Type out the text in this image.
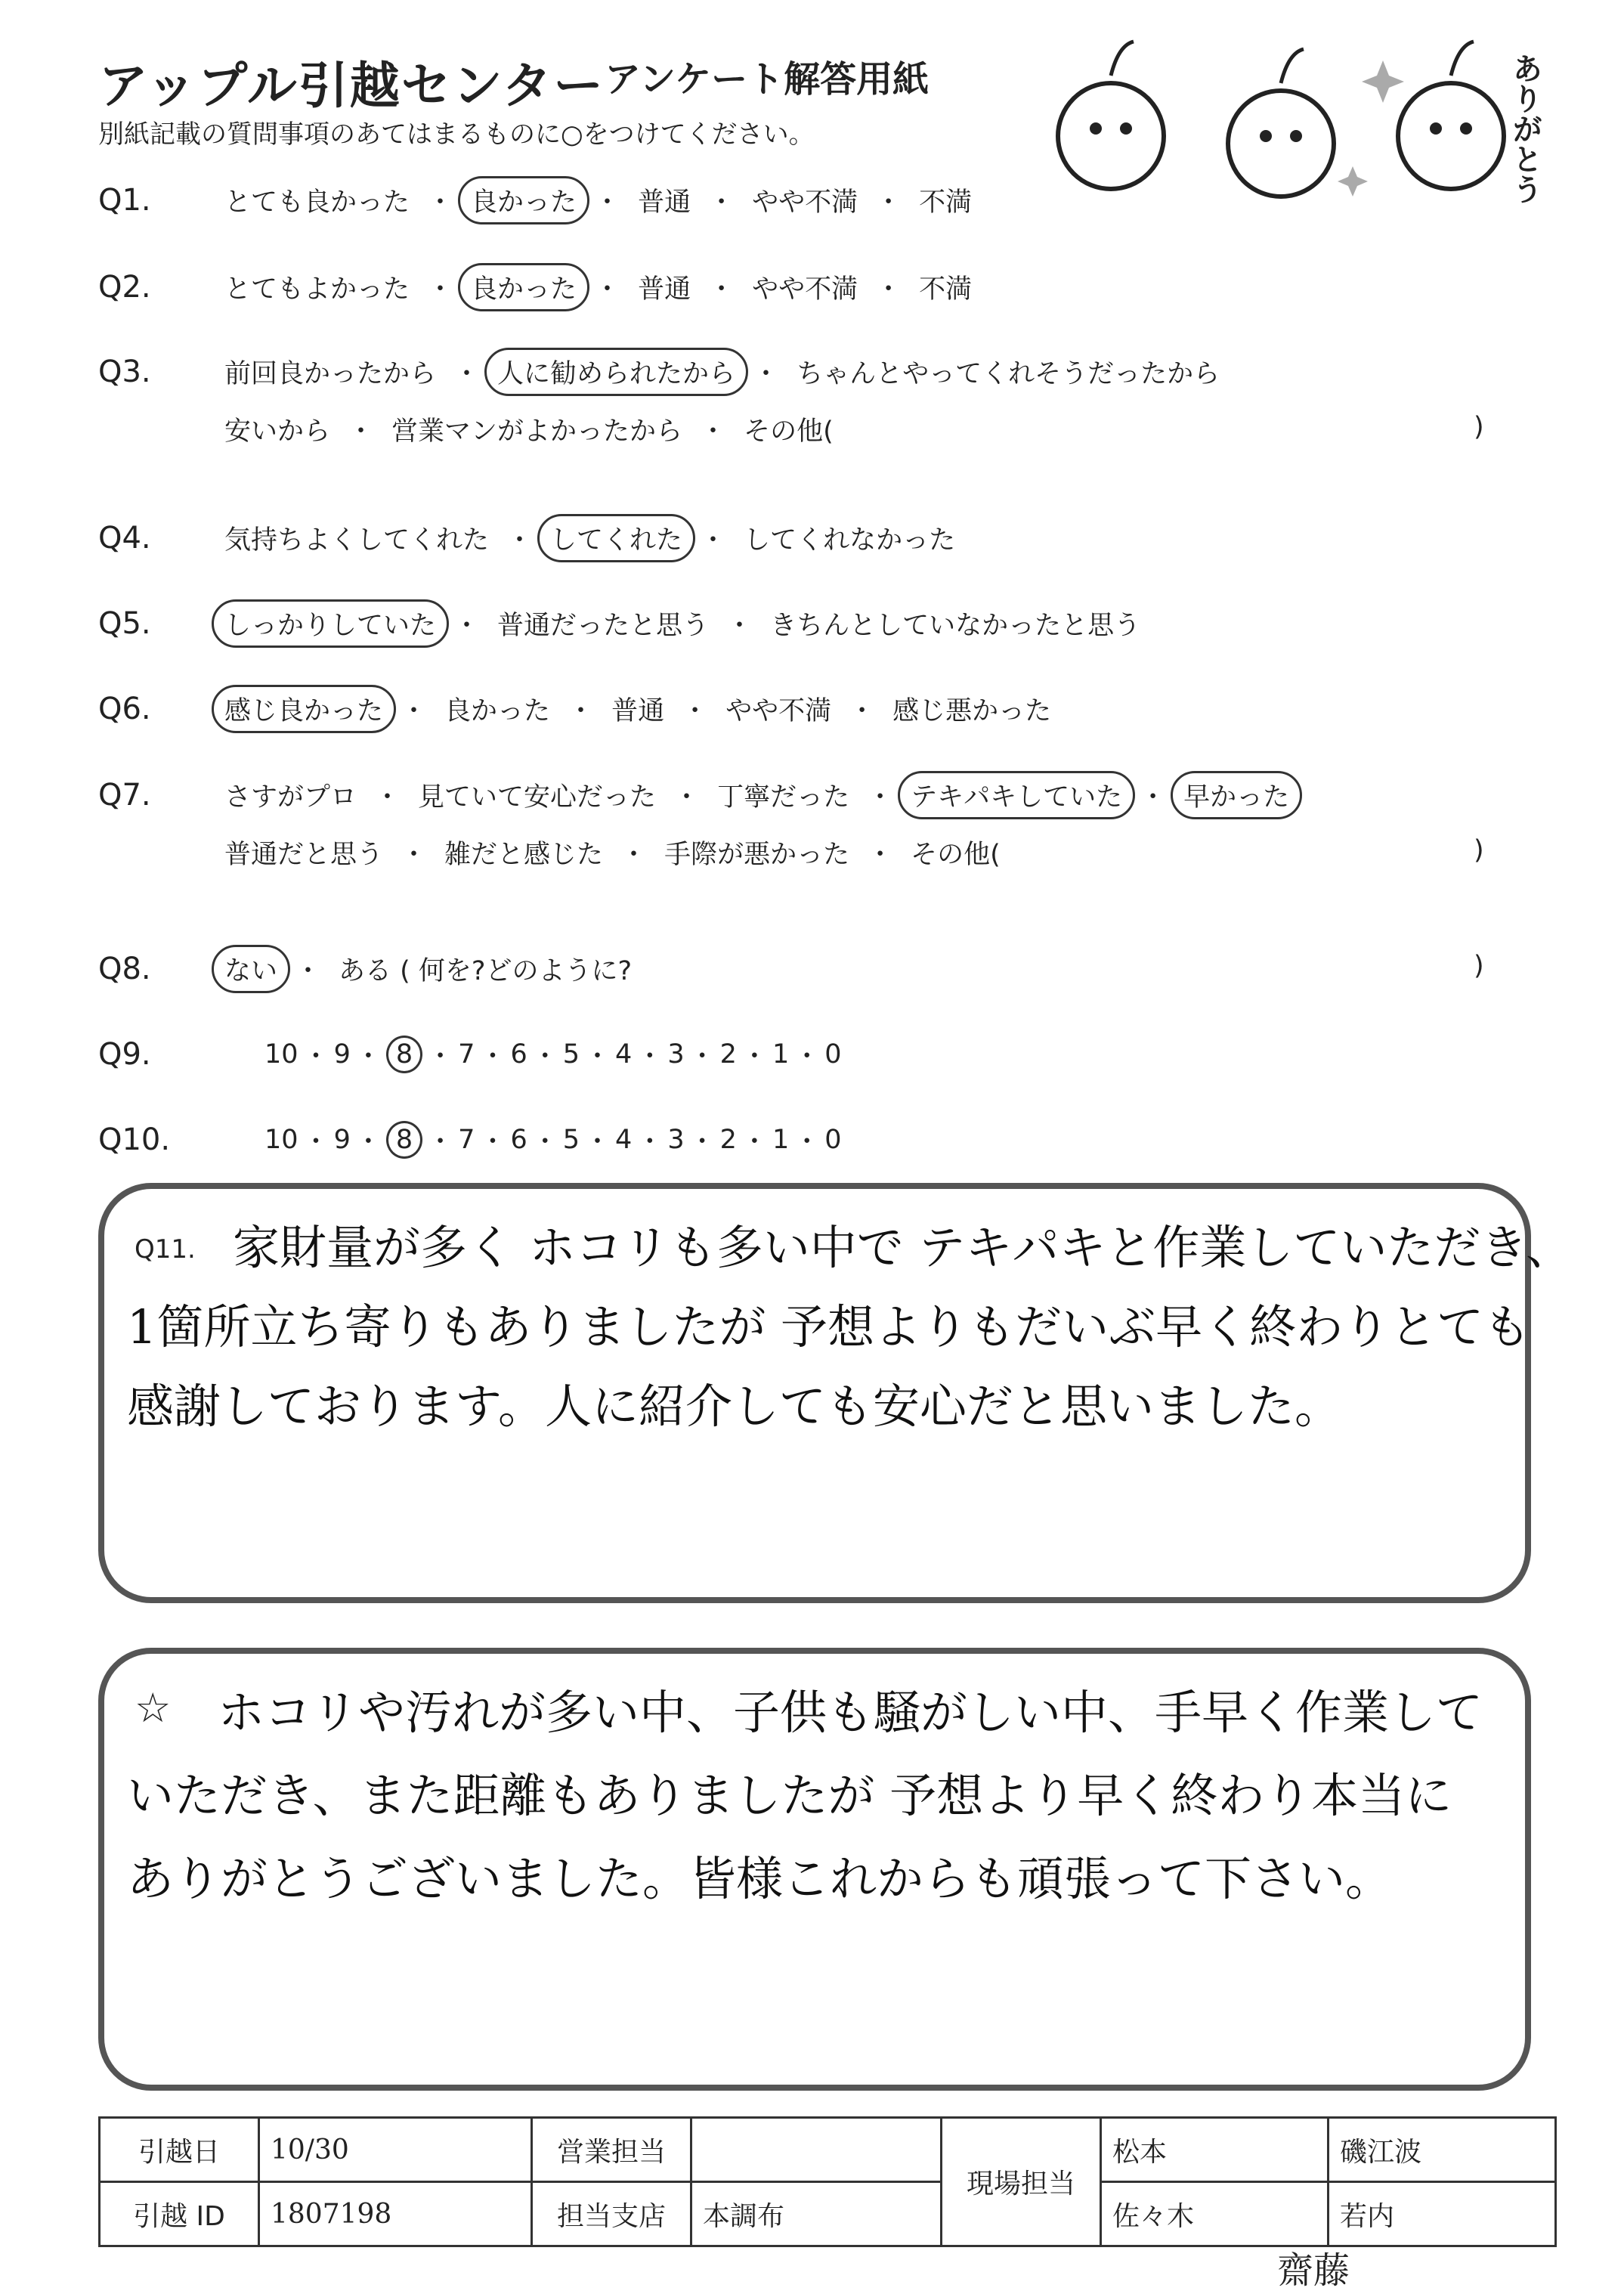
アップル引越センター アンケート解答用紙
別紙記載の質問事項のあてはまるものに○をつけてください。	ありがとう
Q1.	とても良かった ・ 良かった ・ 普通 ・ やや不満 ・ 不満
Q2.	とてもよかった ・ 良かった ・ 普通 ・ やや不満 ・ 不満
Q3.	前回良かったから ・ 人に勧められたから ・ ちゃんとやってくれそうだったから
安いから ・ 営業マンがよかったから ・ その他(	)
Q4.	気持ちよくしてくれた ・ してくれた ・ してくれなかった
Q5.	しっかりしていた ・ 普通だったと思う ・ きちんとしていなかったと思う
Q6.	感じ良かった ・ 良かった ・ 普通 ・ やや不満 ・ 感じ悪かった
Q7.	さすがプロ ・ 見ていて安心だった ・ 丁寧だった ・ テキパキしていた ・ 早かった
普通だと思う ・ 雑だと感じた ・ 手際が悪かった ・ その他(	)
Q8.	ない ・ ある ( 何を?どのように?	)
Q9.	10 ・ 9 ・ 8 ・ 7 ・ 6 ・ 5 ・ 4 ・ 3 ・ 2 ・ 1 ・ 0
Q10.	10 ・ 9 ・ 8 ・ 7 ・ 6 ・ 5 ・ 4 ・ 3 ・ 2 ・ 1 ・ 0
Q11. 家財量が多く ホコリも多い中で テキパキと作業していただき、
1箇所立ち寄りもありましたが 予想よりもだいぶ早く終わりとても
感謝しております。人に紹介しても安心だと思いました。
☆ ホコリや汚れが多い中、子供も騒がしい中、手早く作業して
いただき、また距離もありましたが 予想より早く終わり本当に
ありがとうございました。皆様これからも頑張って下さい。
引越日	10/30	営業担当		現場担当	松本	磯江波
引越 ID	1807198	担当支店	本調布		佐々木	若内
齋藤
